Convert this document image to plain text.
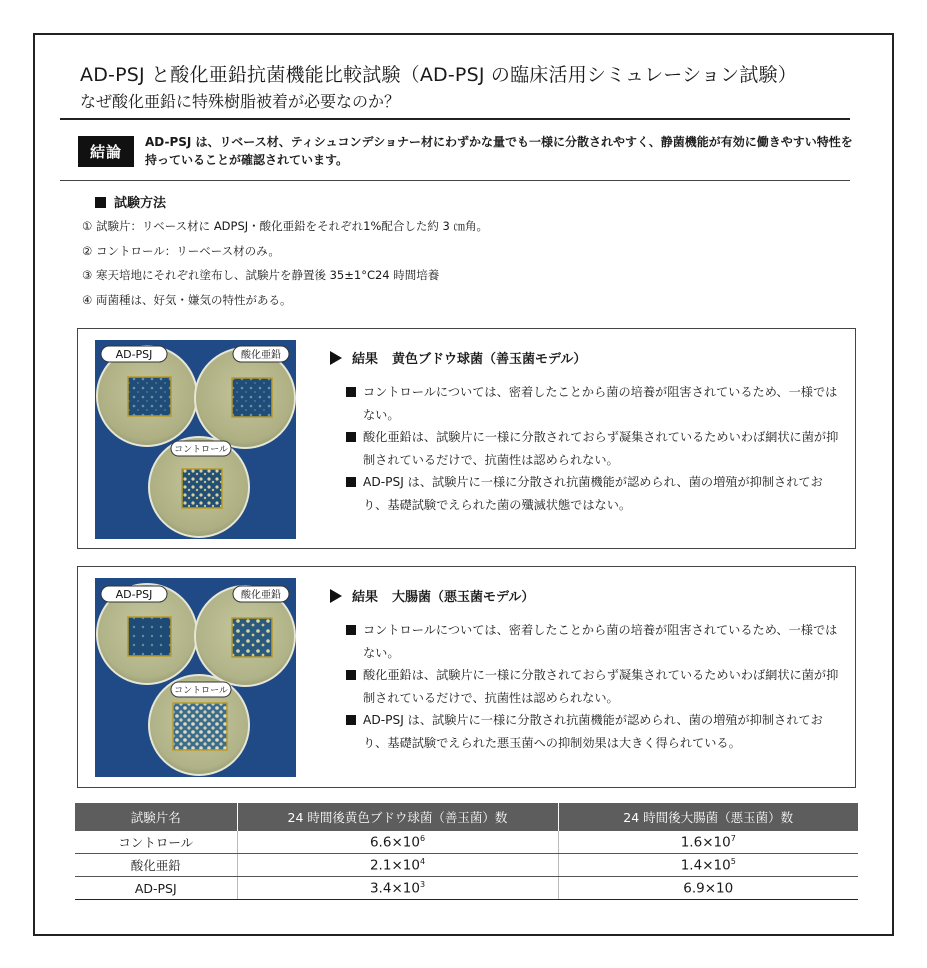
AD-PSJ と酸化亜鉛抗菌機能比較試験（AD-PSJ の臨床活用シミュレーション試験）
なぜ酸化亜鉛に特殊樹脂被着が必要なのか？
結論
AD-PSJ は、リベース材、ティシュコンデショナー材にわずかな量でも一様に分散されやすく、静菌機能が有効に働きやすい特性を持っていることが確認されています。
試験方法
① 試験片：リベース材に ADPSJ・酸化亜鉛をそれぞれ1%配合した約 3 ㎝角。
② コントロール：リーベース材のみ。
③ 寒天培地にそれぞれ塗布し、試験片を静置後 35±1°C24 時間培養
④ 両菌種は、好気・嫌気の特性がある。
AD-PSJ	酸化亜鉛
コントロール
結果 黄色ブドウ球菌（善玉菌モデル）
コントロールについては、密着したことから菌の培養が阻害されているため、一様ではない。
酸化亜鉛は、試験片に一様に分散されておらず凝集されているためいわば網状に菌が抑制されているだけで、抗菌性は認められない。
AD-PSJ は、試験片に一様に分散され抗菌機能が認められ、菌の増殖が抑制されており、基礎試験でえられた菌の殲滅状態ではない。
AD-PSJ	酸化亜鉛
コントロール
結果 大腸菌（悪玉菌モデル）
コントロールについては、密着したことから菌の培養が阻害されているため、一様ではない。
酸化亜鉛は、試験片に一様に分散されておらず凝集されているためいわば網状に菌が抑制されているだけで、抗菌性は認められない。
AD-PSJ は、試験片に一様に分散され抗菌機能が認められ、菌の増殖が抑制されており、基礎試験でえられた悪玉菌への抑制効果は大きく得られている。
試験片名	24 時間後黄色ブドウ球菌（善玉菌）数	24 時間後大腸菌（悪玉菌）数
コントロール	$6.6\times 10^6$	$1.6\times 10^7$
酸化亜鉛	$2.1\times 10^4$	$1.4\times 10^5$
AD-PSJ	$3.4\times 10^3$	6.9×10
